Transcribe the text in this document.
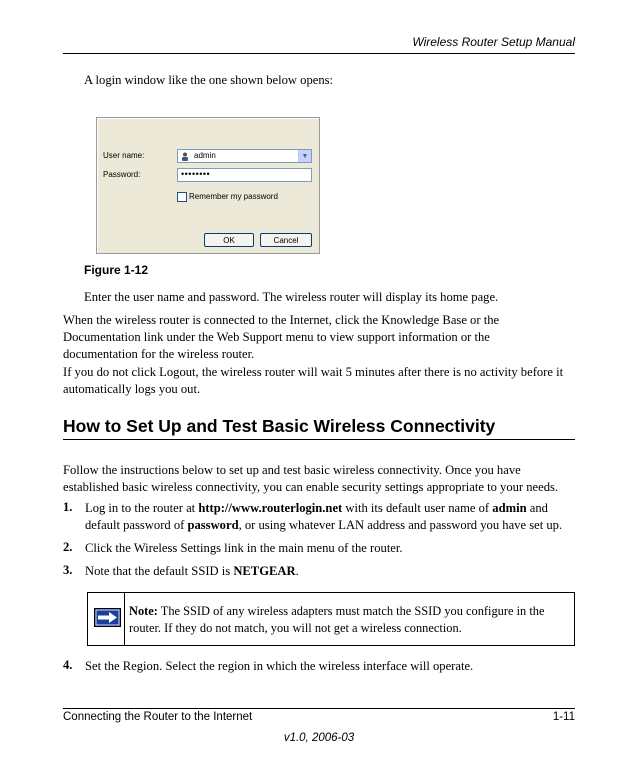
Wireless Router Setup Manual

A login window like the one shown below opens:

User name:	admin	▼
Password:	••••••••
Remember my password
OK	Cancel
Figure 1-12

Enter the user name and password. The wireless router will display its home page.

When the wireless router is connected to the Internet, click the Knowledge Base or the Documentation link under the Web Support menu to view support information or the documentation for the wireless router.

If you do not click Logout, the wireless router will wait 5 minutes after there is no activity before it automatically logs you out.

How to Set Up and Test Basic Wireless Connectivity

Follow the instructions below to set up and test basic wireless connectivity. Once you have established basic wireless connectivity, you can enable security settings appropriate to your needs.

1. Log in to the router at http://www.routerlogin.net with its default user name of admin and default password of password, or using whatever LAN address and password you have set up.

2. Click the Wireless Settings link in the main menu of the router.

3. Note that the default SSID is NETGEAR.

Note: The SSID of any wireless adapters must match the SSID you configure in the router. If they do not match, you will not get a wireless connection.

4. Set the Region. Select the region in which the wireless interface will operate.

Connecting the Router to the Internet	1-11
v1.0, 2006-03
